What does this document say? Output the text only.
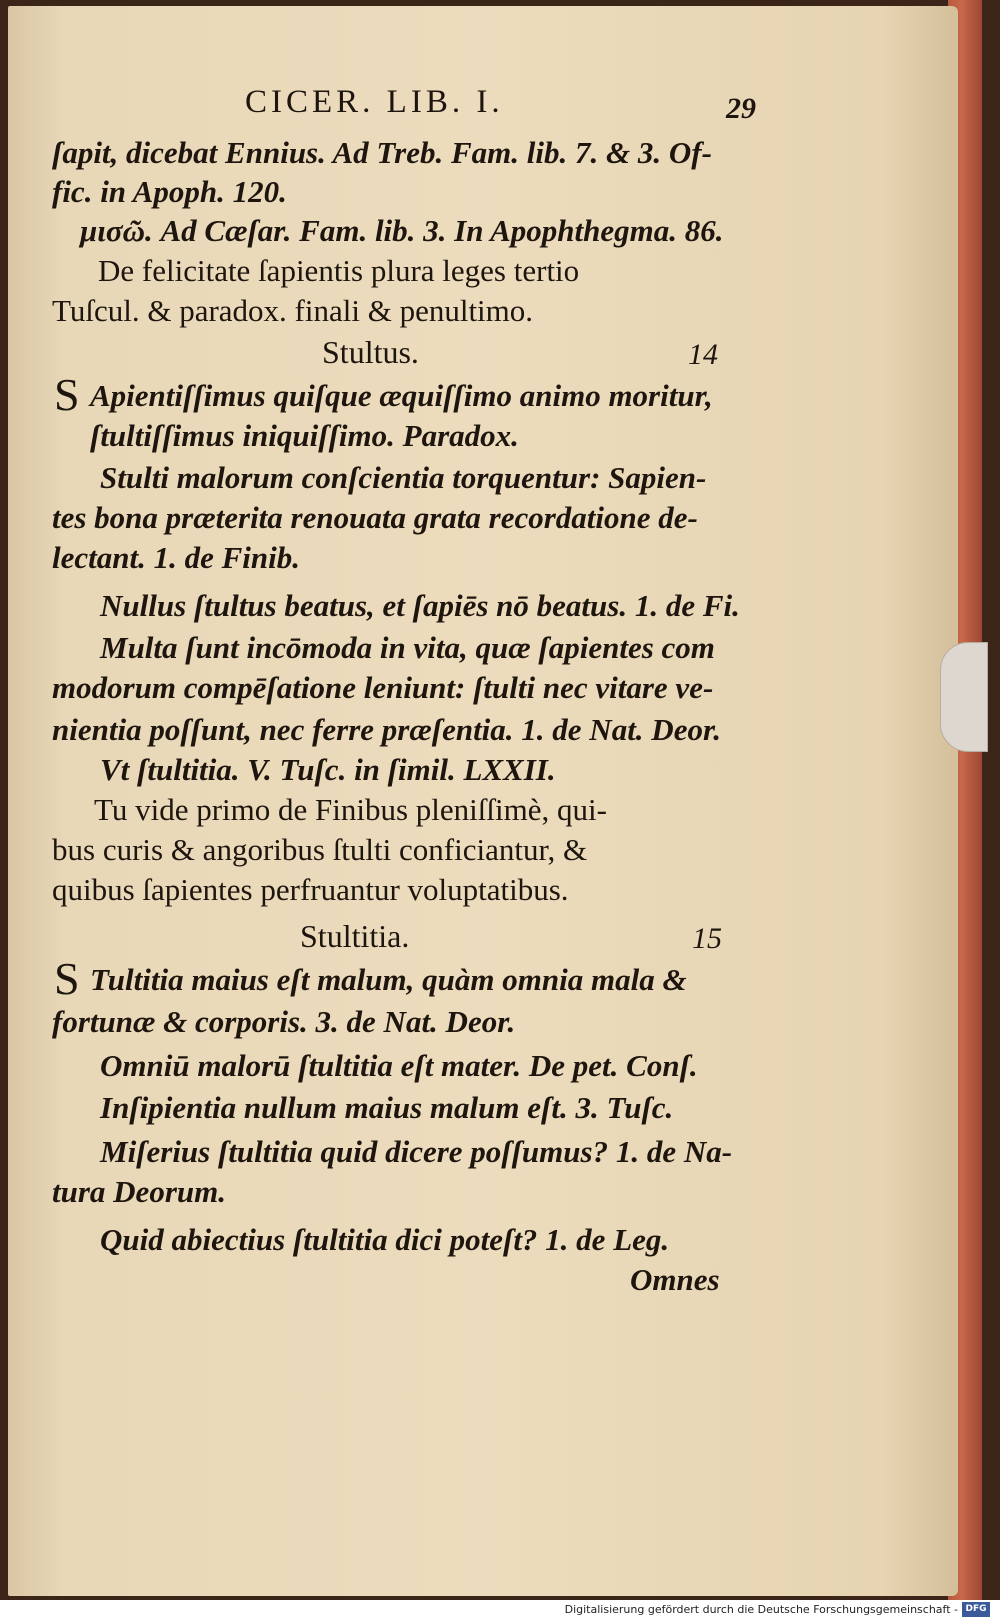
CICER. LIB. I.	29
ſapit, dicebat Ennius. Ad Treb. Fam. lib. 7. & 3. Of-
fic. in Apoph. 120.
μισῶ. Ad Cæſar. Fam. lib. 3. In Apophthegma. 86.
De felicitate ſapientis plura leges tertio
Tuſcul. & paradox. finali & penultimo.
Stultus.	14
S Apientiſſimus quiſque æquiſſimo animo moritur,
ſtultiſſimus iniquiſſimo. Paradox.
Stulti malorum conſcientia torquentur: Sapien-
tes bona præterita renouata grata recordatione de-
lectant. 1. de Finib.
Nullus ſtultus beatus, et ſapiēs nō beatus. 1. de Fi.
Multa ſunt incōmoda in vita, quæ ſapientes com
modorum compēſatione leniunt: ſtulti nec vitare ve-
nientia poſſunt, nec ferre præſentia. 1. de Nat. Deor.
Vt ſtultitia. V. Tuſc. in ſimil. LXXII.
Tu vide primo de Finibus pleniſſimè, qui-
bus curis & angoribus ſtulti conficiantur, &
quibus ſapientes perfruantur voluptatibus.
Stultitia.	15
S Tultitia maius eſt malum, quàm omnia mala &
fortunæ & corporis. 3. de Nat. Deor.
Omniū malorū ſtultitia eſt mater. De pet. Conſ.
Inſipientia nullum maius malum eſt. 3. Tuſc.
Miſerius ſtultitia quid dicere poſſumus? 1. de Na-
tura Deorum.
Quid abiectius ſtultitia dici poteſt? 1. de Leg.
Omnes
Digitalisierung gefördert durch die Deutsche Forschungsgemeinschaft - DFG
